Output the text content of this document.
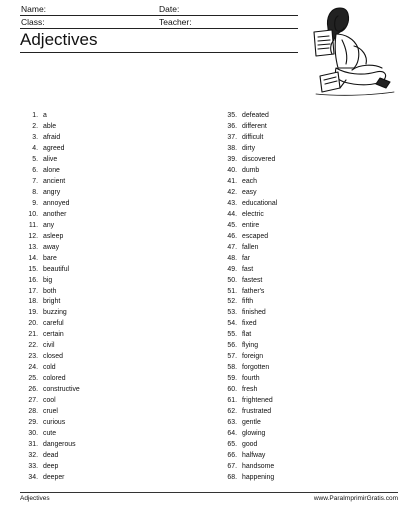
Name:	Date:
Class:	Teacher:
Adjectives
1. a
2. able
3. afraid
4. agreed
5. alive
6. alone
7. ancient
8. angry
9. annoyed
10. another
11. any
12. asleep
13. away
14. bare
15. beautiful
16. big
17. both
18. bright
19. buzzing
20. careful
21. certain
22. civil
23. closed
24. cold
25. colored
26. constructive
27. cool
28. cruel
29. curious
30. cute
31. dangerous
32. dead
33. deep
34. deeper
35. defeated
36. different
37. difficult
38. dirty
39. discovered
40. dumb
41. each
42. easy
43. educational
44. electric
45. entire
46. escaped
47. fallen
48. far
49. fast
50. fastest
51. father's
52. fifth
53. finished
54. fixed
55. flat
56. flying
57. foreign
58. forgotten
59. fourth
60. fresh
61. frightened
62. frustrated
63. gentle
64. glowing
65. good
66. halfway
67. handsome
68. happening
Adjectives	www.ParaImprimirGratis.com
